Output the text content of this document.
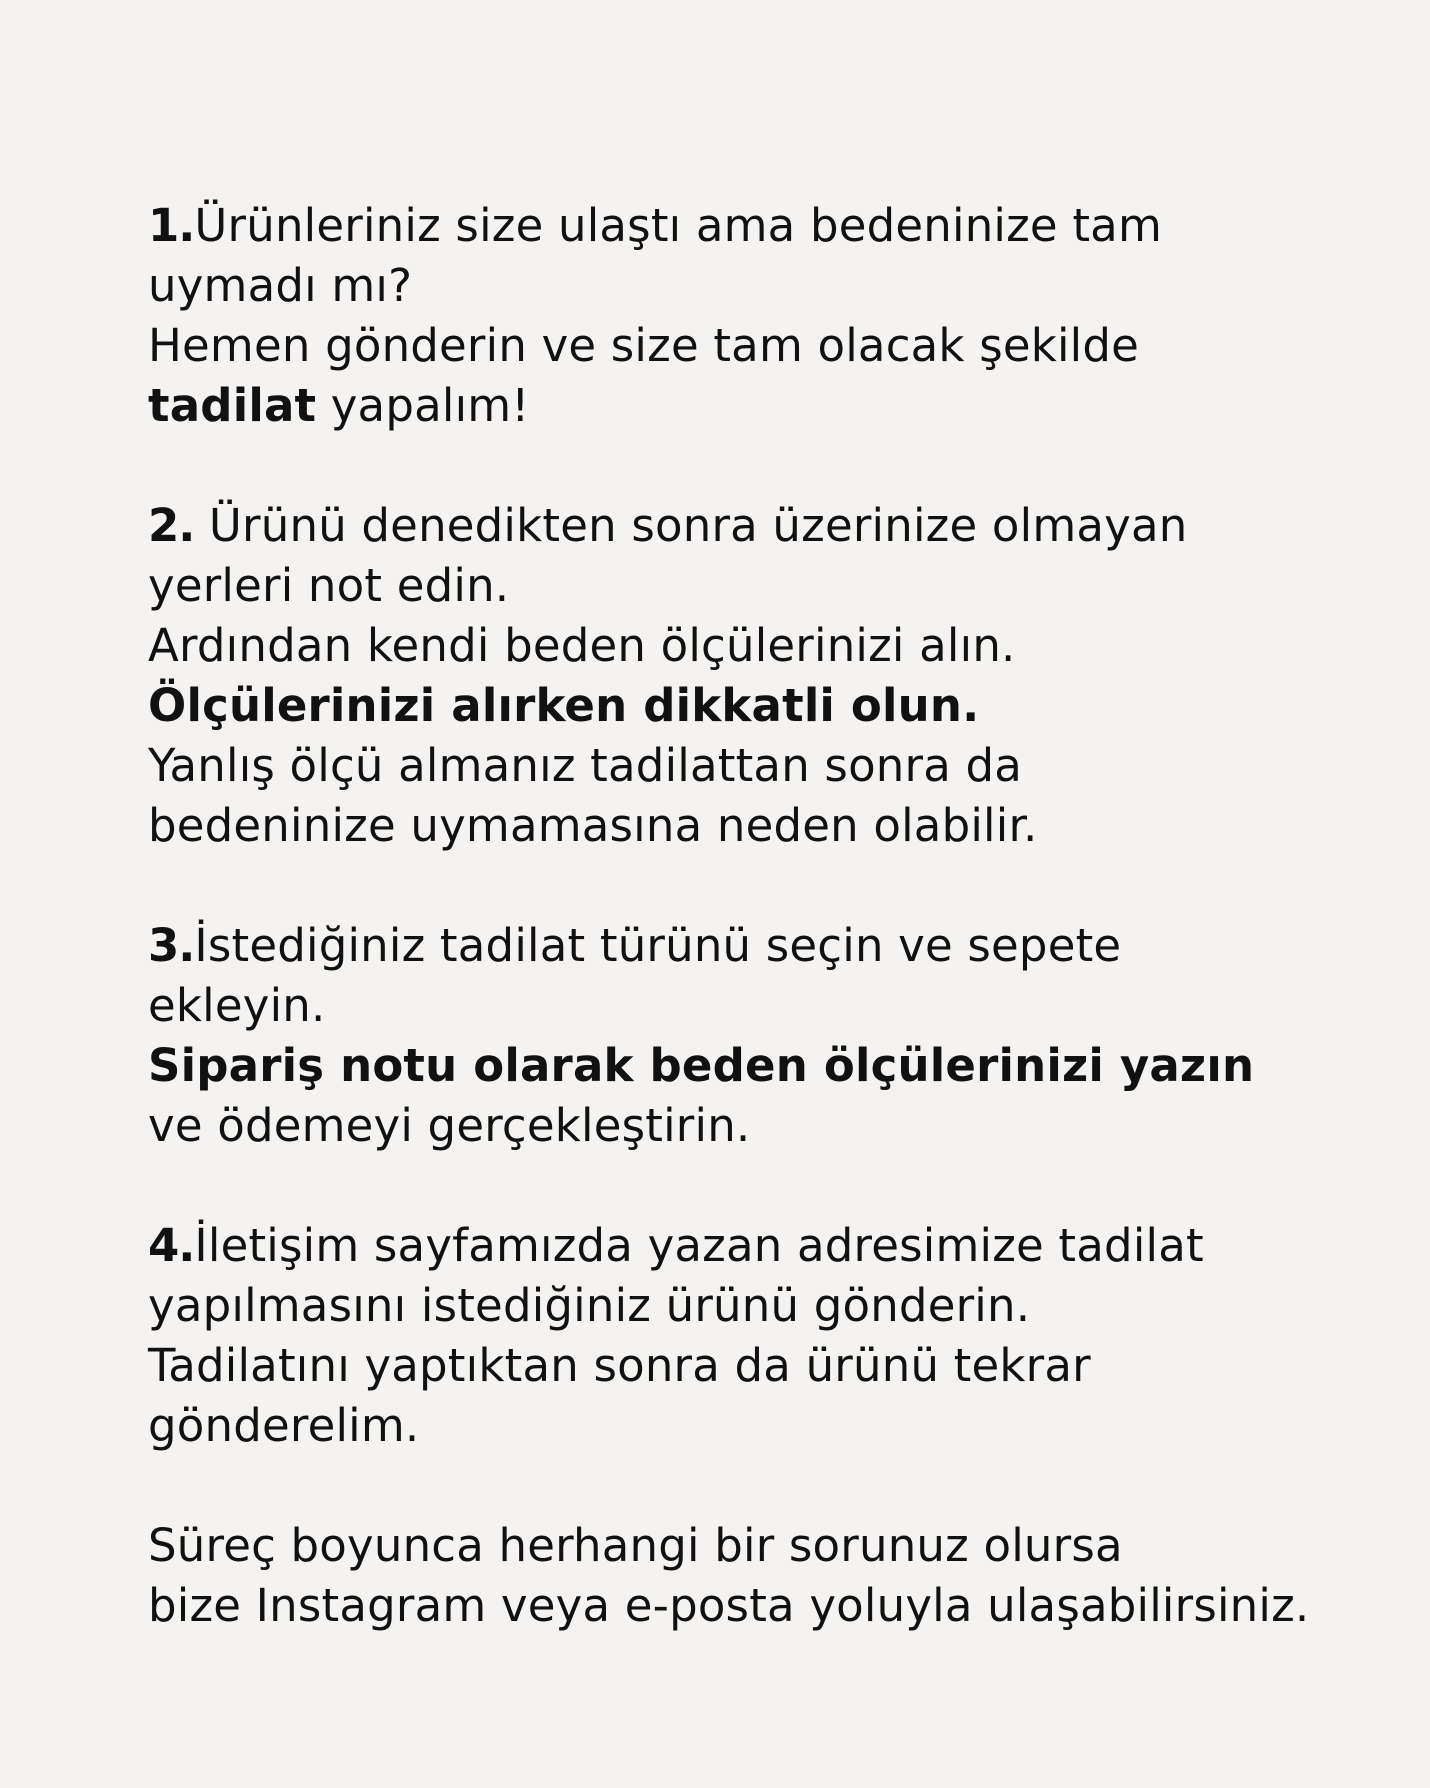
1.Ürünleriniz size ulaştı ama bedeninize tam
uymadı mı?
Hemen gönderin ve size tam olacak şekilde
tadilat yapalım!
2. Ürünü denedikten sonra üzerinize olmayan
yerleri not edin.
Ardından kendi beden ölçülerinizi alın.
Ölçülerinizi alırken dikkatli olun.
Yanlış ölçü almanız tadilattan sonra da
bedeninize uymamasına neden olabilir.
3.İstediğiniz tadilat türünü seçin ve sepete
ekleyin.
Sipariş notu olarak beden ölçülerinizi yazın
ve ödemeyi gerçekleştirin.
4.İletişim sayfamızda yazan adresimize tadilat
yapılmasını istediğiniz ürünü gönderin.
Tadilatını yaptıktan sonra da ürünü tekrar
gönderelim.
Süreç boyunca herhangi bir sorunuz olursa
bize Instagram veya e-posta yoluyla ulaşabilirsiniz.
